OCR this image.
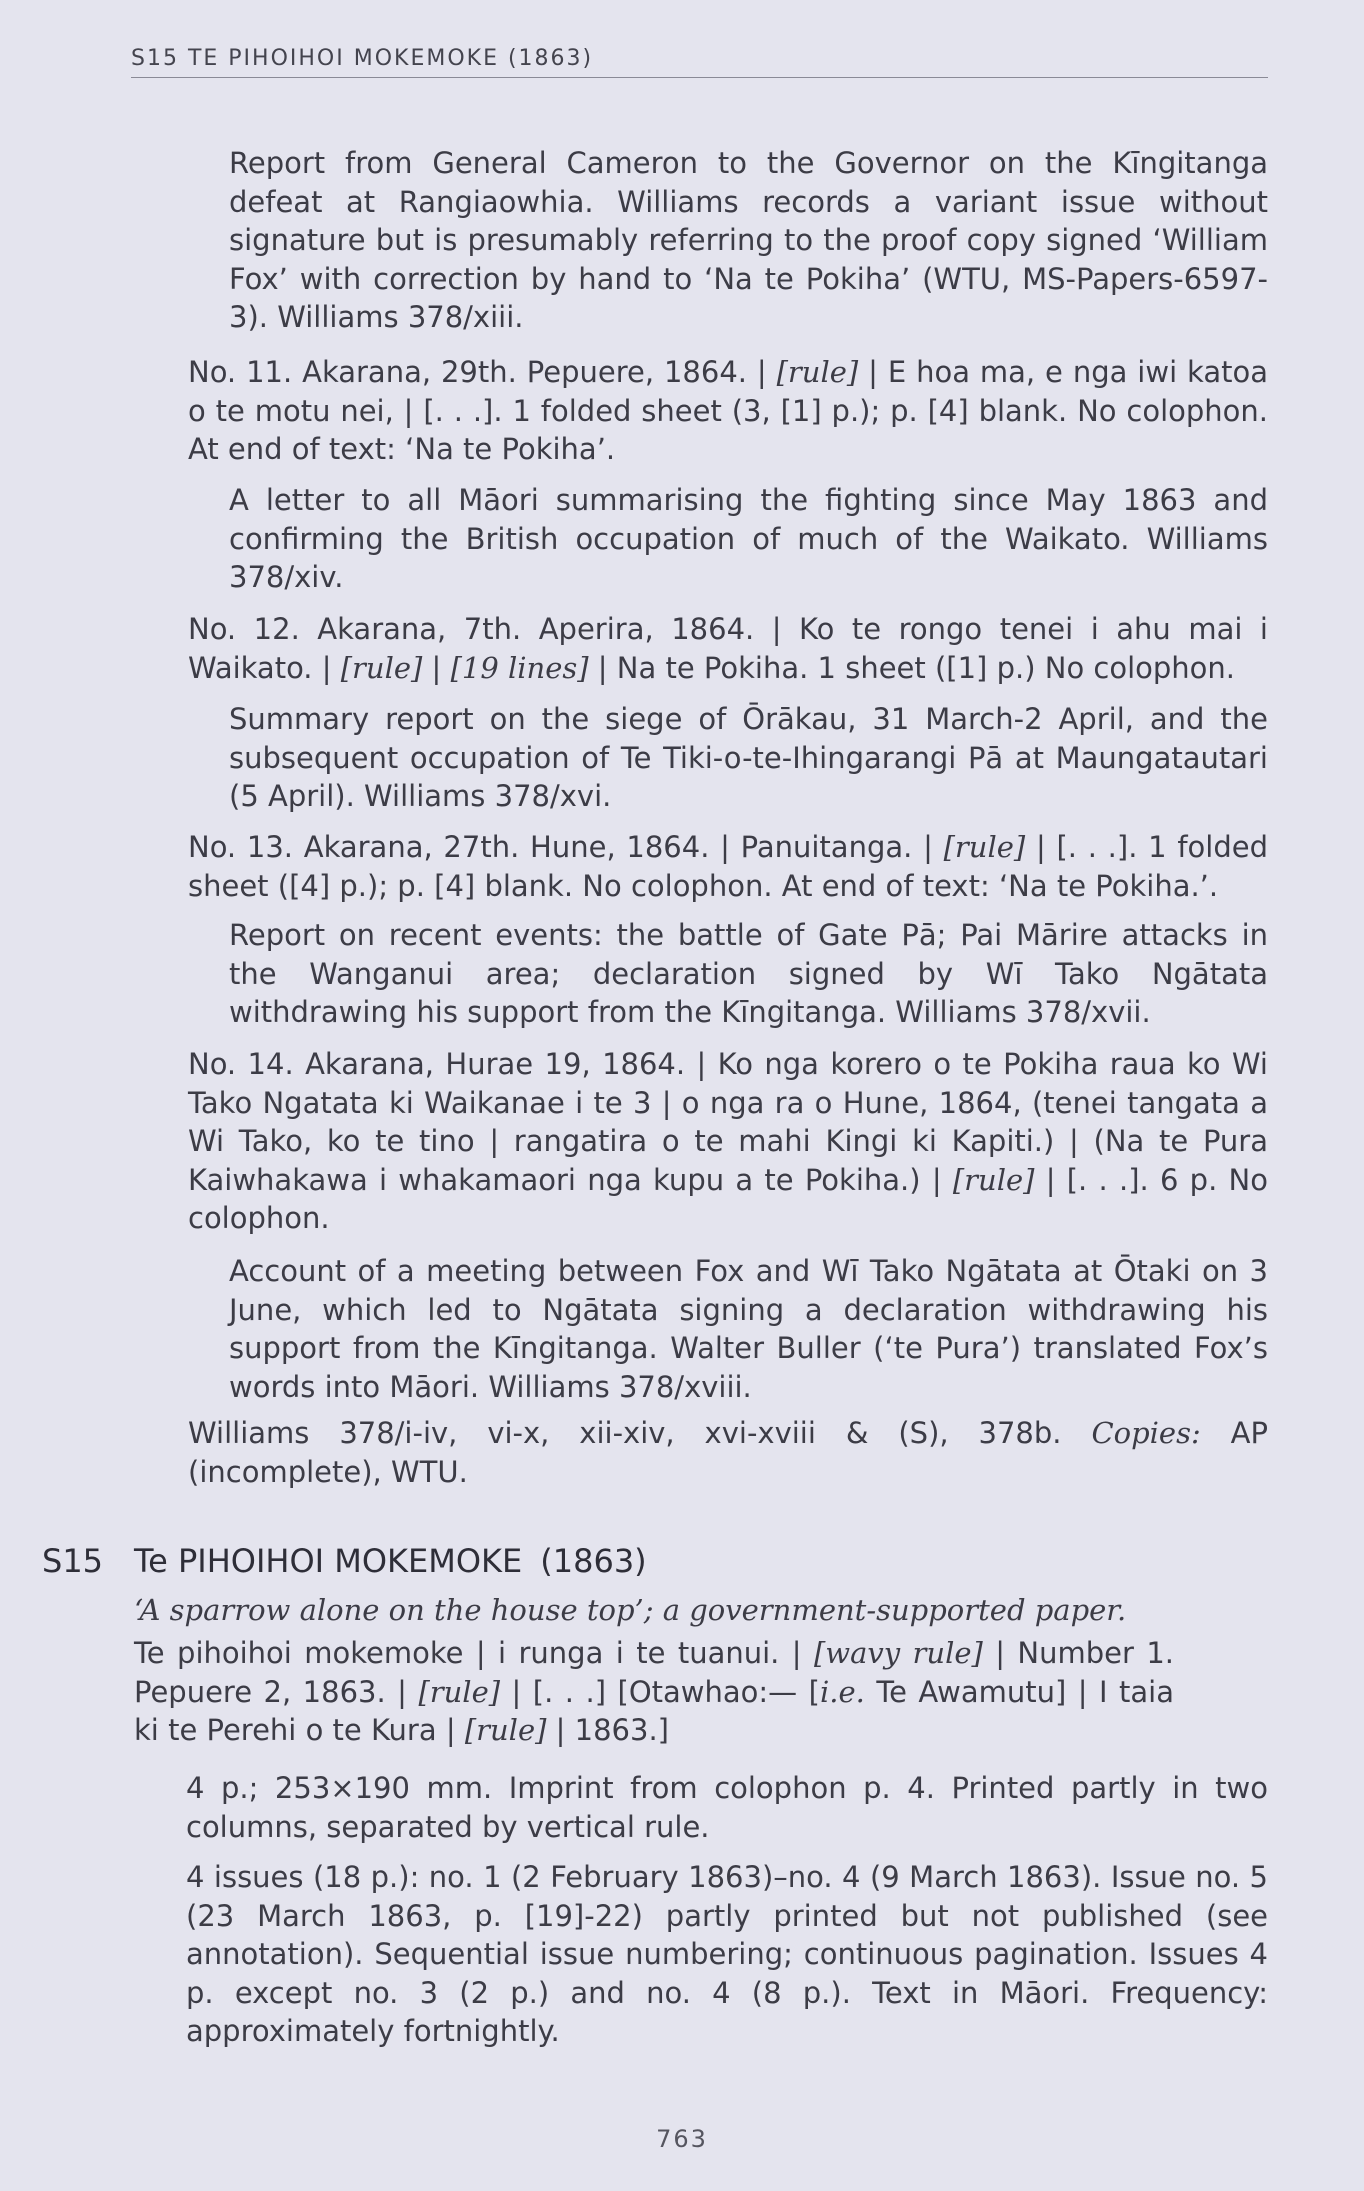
S15 TE PIHOIHOI MOKEMOKE (1863)

Report from General Cameron to the Governor on the Kīngitanga defeat at Rangiaowhia. Williams records a variant issue without signature but is presumably referring to the proof copy signed ‘William Fox’ with correction by hand to ‘Na te Pokiha’ (WTU, MS-Papers-6597-3). Williams 378/xiii.

No. 11. Akarana, 29th. Pepuere, 1864. | [rule] | E hoa ma, e nga iwi katoa o te motu nei, | [. . .]. 1 folded sheet (3, [1] p.); p. [4] blank. No colophon. At end of text: ‘Na te Pokiha’.

A letter to all Māori summarising the fighting since May 1863 and confirming the British occupation of much of the Waikato. Williams 378/xiv.

No. 12. Akarana, 7th. Aperira, 1864. | Ko te rongo tenei i ahu mai i Waikato. | [rule] | [19 lines] | Na te Pokiha. 1 sheet ([1] p.) No colophon.

Summary report on the siege of Ōrākau, 31 March-2 April, and the subsequent occupation of Te Tiki-o-te-Ihingarangi Pā at Maungatautari (5 April). Williams 378/xvi.

No. 13. Akarana, 27th. Hune, 1864. | Panuitanga. | [rule] | [. . .]. 1 folded sheet ([4] p.); p. [4] blank. No colophon. At end of text: ‘Na te Pokiha.’.

Report on recent events: the battle of Gate Pā; Pai Mārire attacks in the Wanganui area; declaration signed by Wī Tako Ngātata withdrawing his support from the Kīngitanga. Williams 378/xvii.

No. 14. Akarana, Hurae 19, 1864. | Ko nga korero o te Pokiha raua ko Wi Tako Ngatata ki Waikanae i te 3 | o nga ra o Hune, 1864, (tenei tangata a Wi Tako, ko te tino | rangatira o te mahi Kingi ki Kapiti.) | (Na te Pura Kaiwhakawa i whakamaori nga kupu a te Pokiha.) | [rule] | [. . .]. 6 p. No colophon.

Account of a meeting between Fox and Wī Tako Ngātata at Ōtaki on 3 June, which led to Ngātata signing a declaration withdrawing his support from the Kīngitanga. Walter Buller (‘te Pura’) translated Fox’s words into Māori. Williams 378/xviii.

Williams 378/i-iv, vi-x, xii-xiv, xvi-xviii & (S), 378b. Copies: AP (incomplete), WTU.

S15 Te PIHOIHOI MOKEMOKE (1863)

‘A sparrow alone on the house top’; a government-supported paper.

Te pihoihoi mokemoke | i runga i te tuanui. | [wavy rule] | Number 1. Pepuere 2, 1863. | [rule] | [. . .] [Otawhao:— [i.e. Te Awamutu] | I taia ki te Perehi o te Kura | [rule] | 1863.]

4 p.; 253×190 mm. Imprint from colophon p. 4. Printed partly in two columns, separated by vertical rule.

4 issues (18 p.): no. 1 (2 February 1863)–no. 4 (9 March 1863). Issue no. 5 (23 March 1863, p. [19]-22) partly printed but not published (see annotation). Sequential issue numbering; continuous pagination. Issues 4 p. except no. 3 (2 p.) and no. 4 (8 p.). Text in Māori. Frequency: approximately fortnightly.

763
